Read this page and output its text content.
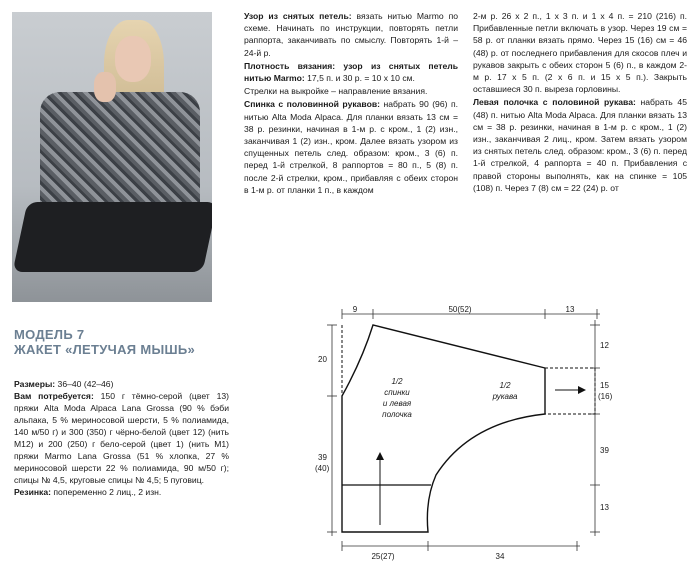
Узор из снятых петель: вязать нитью Marmo по схеме. Начинать по инструкции, повторять петли раппорта, заканчивать по смыслу. Повторять 1-й – 24-й р.

Плотность вязания: узор из снятых петель нитью Marmo: 17,5 п. и 30 р. = 10 х 10 см.

Стрелки на выкройке – направление вязания.

Спинка с половинной рукавов: набрать 90 (96) п. нитью Alta Moda Alpaca. Для планки вязать 13 см = 38 р. резинки, начиная в 1-м р. с кром., 1 (2) изн., заканчивая 1 (2) изн., кром. Далее вязать узором из спущенных петель след. образом: кром., 3 (6) п. перед 1-й стрелкой, 8 раппортов = 80 п., 5 (8) п. после 2-й стрелки, кром., прибавляя с обеих сторон в 1-м р. от планки 1 п., в каждом

2-м р. 26 х 2 п., 1 х 3 п. и 1 х 4 п. = 210 (216) п. Прибавленные петли включать в узор. Через 19 см = 58 р. от планки вязать прямо. Через 15 (16) см = 46 (48) р. от последнего прибавления для скосов плеч и рукавов закрыть с обеих сторон 5 (6) п., в каждом 2-м р. 17 х 5 п. (2 х 6 п. и 15 х 5 п.). Закрыть оставшиеся 30 п. выреза горловины.

Левая полочка с половиной рукава: набрать 45 (48) п. нитью Alta Moda Alpaca. Для планки вязать 13 см = 38 р. резинки, начиная в 1-м р. с кром., 1 (2) изн., заканчивая 2 лиц., кром. Затем вязать узором из снятых петель след. образом: кром., 3 (6) п. перед 1-й стрелкой, 4 раппорта = 40 п. Прибавления с правой стороны выполнять, как на спинке = 105 (108) п. Через 7 (8) см = 22 (24) р. от

МОДЕЛЬ 7
ЖАКЕТ «ЛЕТУЧАЯ МЫШЬ»

Размеры: 36–40 (42–46)

Вам потребуется: 150 г тёмно-серой (цвет 13) пряжи Alta Moda Alpaca Lana Grossa (90 % бэби альпака, 5 % мериносовой шерсти, 5 % полиамида, 140 м/50 г) и 300 (350) г чёрно-белой (цвет 12) (нить М12) и 200 (250) г бело-серой (цвет 1) (нить М1) пряжи Marmo Lana Grossa (51 % хлопка, 27 % мериносовой шерсти 22 % полиамида, 90 м/50 г); спицы № 4,5, круговые спицы № 4,5; 5 пуговиц.

Резинка: попеременно 2 лиц., 2 изн.

9	50(52)	13
12
15
(16)
39
13
20
39
(40)
25(27)	34
1/2
спинки
и левая
полочка
1/2
рукава
